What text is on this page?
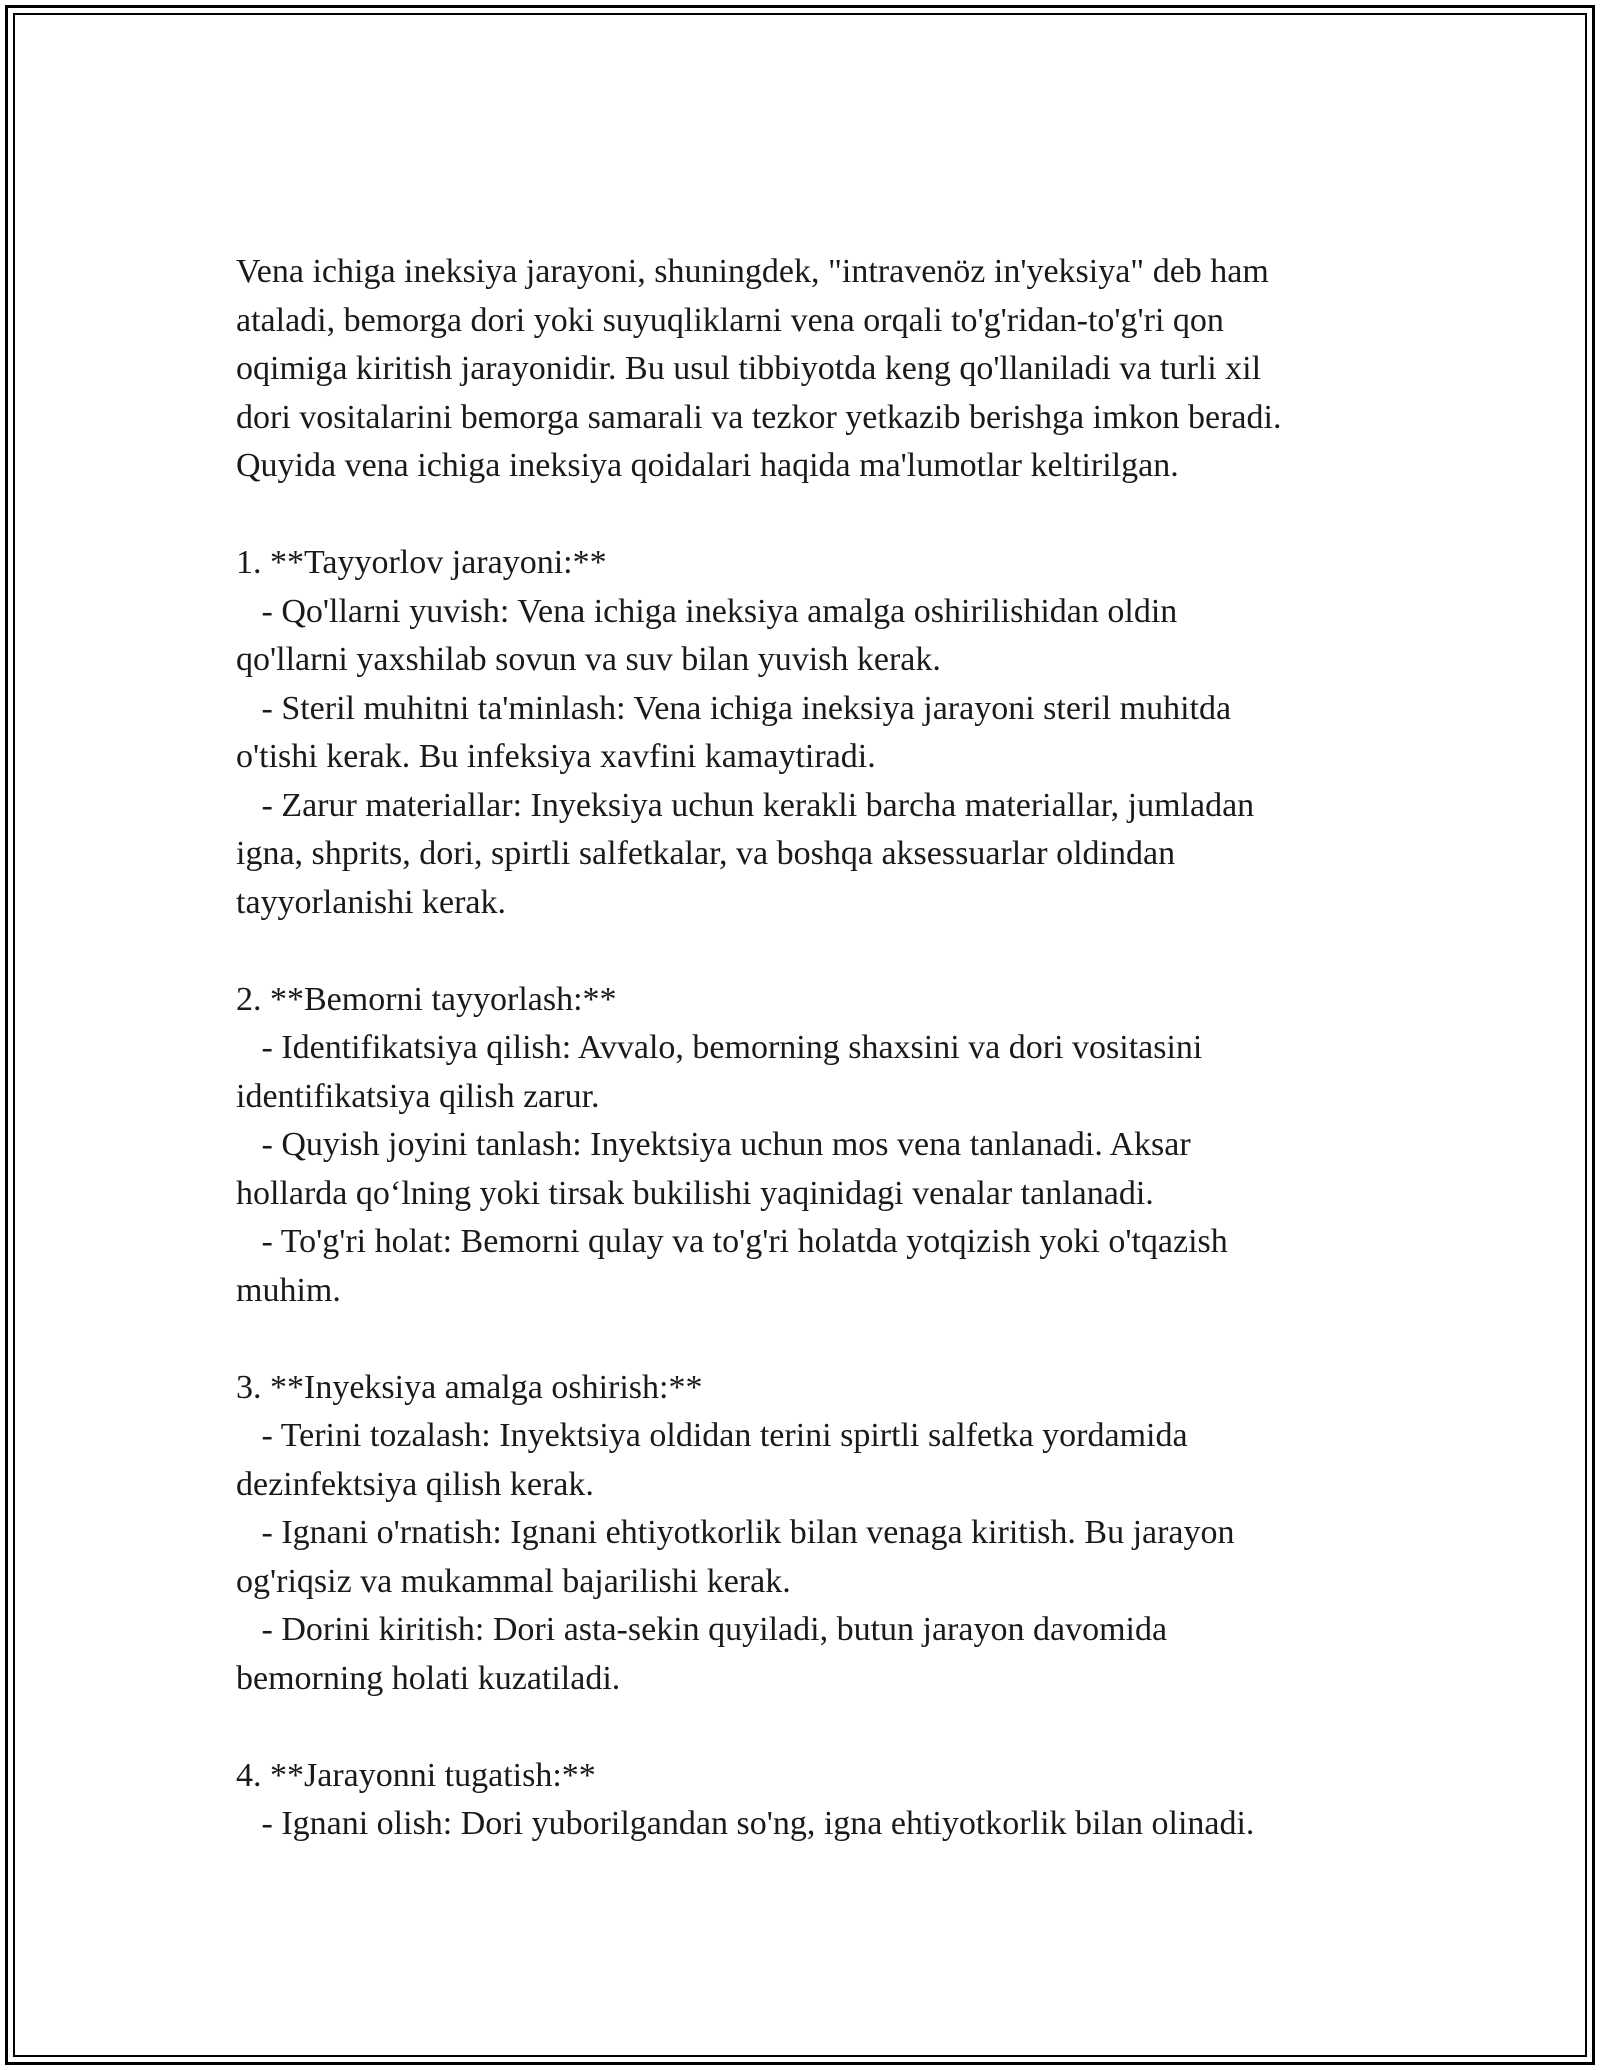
Vena ichiga ineksiya jarayoni, shuningdek, "intravenöz in'yeksiya" deb ham
ataladi, bemorga dori yoki suyuqliklarni vena orqali to'g'ridan-to'g'ri qon
oqimiga kiritish jarayonidir. Bu usul tibbiyotda keng qo'llaniladi va turli xil
dori vositalarini bemorga samarali va tezkor yetkazib berishga imkon beradi.
Quyida vena ichiga ineksiya qoidalari haqida ma'lumotlar keltirilgan.
1. **Tayyorlov jarayoni:**
- Qo'llarni yuvish: Vena ichiga ineksiya amalga oshirilishidan oldin
qo'llarni yaxshilab sovun va suv bilan yuvish kerak.
- Steril muhitni ta'minlash: Vena ichiga ineksiya jarayoni steril muhitda
o'tishi kerak. Bu infeksiya xavfini kamaytiradi.
- Zarur materiallar: Inyeksiya uchun kerakli barcha materiallar, jumladan
igna, shprits, dori, spirtli salfetkalar, va boshqa aksessuarlar oldindan
tayyorlanishi kerak.
2. **Bemorni tayyorlash:**
- Identifikatsiya qilish: Avvalo, bemorning shaxsini va dori vositasini
identifikatsiya qilish zarur.
- Quyish joyini tanlash: Inyektsiya uchun mos vena tanlanadi. Aksar
hollarda qo‘lning yoki tirsak bukilishi yaqinidagi venalar tanlanadi.
- To'g'ri holat: Bemorni qulay va to'g'ri holatda yotqizish yoki o'tqazish
muhim.
3. **Inyeksiya amalga oshirish:**
- Terini tozalash: Inyektsiya oldidan terini spirtli salfetka yordamida
dezinfektsiya qilish kerak.
- Ignani o'rnatish: Ignani ehtiyotkorlik bilan venaga kiritish. Bu jarayon
og'riqsiz va mukammal bajarilishi kerak.
- Dorini kiritish: Dori asta-sekin quyiladi, butun jarayon davomida
bemorning holati kuzatiladi.
4. **Jarayonni tugatish:**
- Ignani olish: Dori yuborilgandan so'ng, igna ehtiyotkorlik bilan olinadi.
